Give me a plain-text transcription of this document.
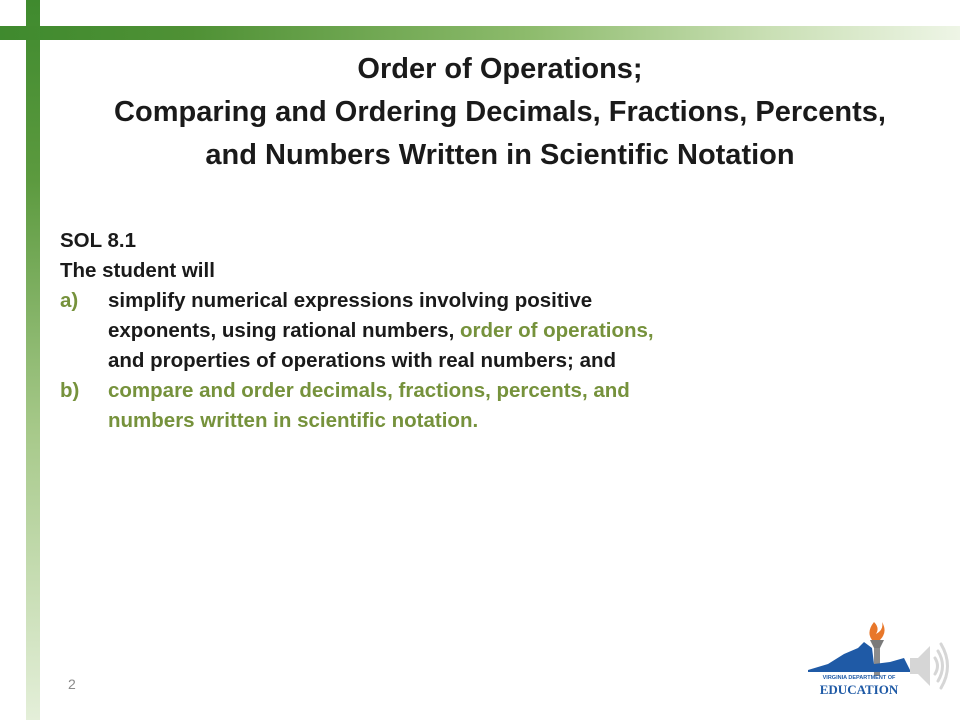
Order of Operations;
Comparing and Ordering Decimals, Fractions, Percents,
and Numbers Written in Scientific Notation
SOL 8.1
The student will
a) simplify numerical expressions involving positive
exponents, using rational numbers, order of operations,
and properties of operations with real numbers; and
b) compare and order decimals, fractions, percents, and
numbers written in scientific notation.
2	VIRGINIA DEPARTMENT OF
EDUCATION
